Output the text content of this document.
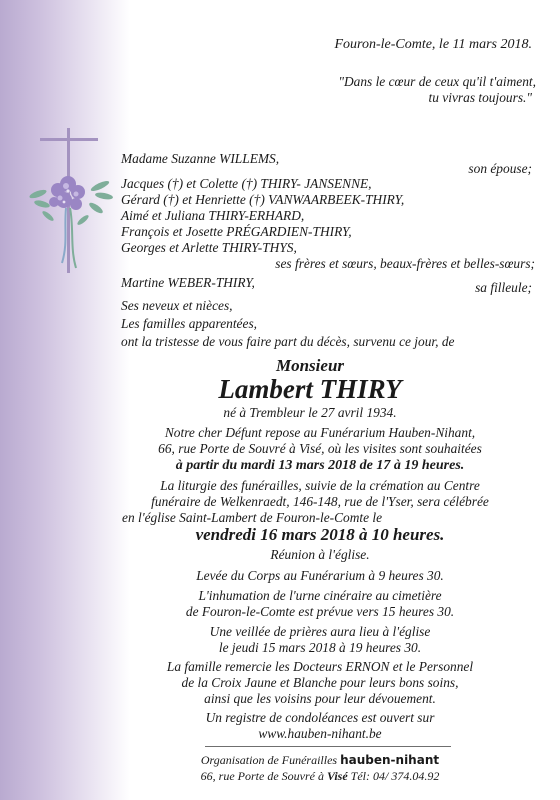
Fouron-le-Comte, le 11 mars 2018.
"Dans le cœur de ceux qu'il t'aiment,
tu vivras toujours."
Madame Suzanne WILLEMS,
son épouse;
Jacques (†) et Colette (†) THIRY- JANSENNE,
Gérard (†) et Henriette (†) VANWAARBEEK-THIRY,
Aimé et Juliana THIRY-ERHARD,
François et Josette PRÉGARDIEN-THIRY,
Georges et Arlette THIRY-THYS,
ses frères et sœurs, beaux-frères et belles-sœurs;
Martine WEBER-THIRY,	sa filleule;
Ses neveux et nièces,
Les familles apparentées,
ont la tristesse de vous faire part du décès, survenu ce jour, de
Monsieur
Lambert THIRY
né à Trembleur le 27 avril 1934.
Notre cher Défunt repose au Funérarium Hauben-Nihant,
66, rue Porte de Souvré à Visé, où les visites sont souhaitées
à partir du mardi 13 mars 2018 de 17 à 19 heures.
La liturgie des funérailles, suivie de la crémation au Centre
funéraire de Welkenraedt, 146-148, rue de l'Yser, sera célébrée
en l'église Saint-Lambert de Fouron-le-Comte le
vendredi 16 mars 2018 à 10 heures.
Réunion à l'église.
Levée du Corps au Funérarium à 9 heures 30.
L'inhumation de l'urne cinéraire au cimetière
de Fouron-le-Comte est prévue vers 15 heures 30.
Une veillée de prières aura lieu à l'église
le jeudi 15 mars 2018 à 19 heures 30.
La famille remercie les Docteurs ERNON et le Personnel
de la Croix Jaune et Blanche pour leurs bons soins,
ainsi que les voisins pour leur dévouement.
Un registre de condoléances est ouvert sur
www.hauben-nihant.be
Organisation de Funérailles hauben-nihant
66, rue Porte de Souvré à Visé Tél: 04/ 374.04.92
